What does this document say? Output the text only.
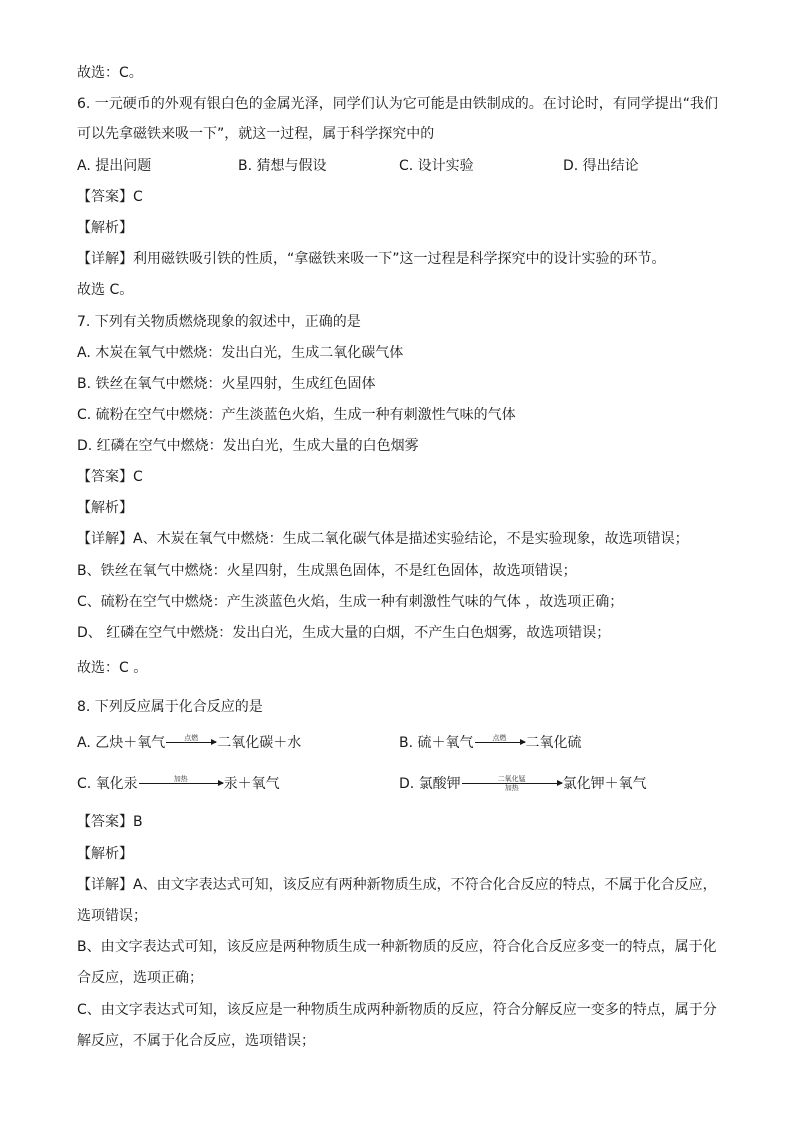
故选：C。
6. 一元硬币的外观有银白色的金属光泽，同学们认为它可能是由铁制成的。在讨论时，有同学提出“我们
可以先拿磁铁来吸一下”，就这一过程，属于科学探究中的
A. 提出问题	B. 猜想与假设	C. 设计实验	D. 得出结论
【答案】C
【解析】
【详解】利用磁铁吸引铁的性质，“拿磁铁来吸一下”这一过程是科学探究中的设计实验的环节。
故选 C。
7. 下列有关物质燃烧现象的叙述中，正确的是
A. 木炭在氧气中燃烧：发出白光，生成二氧化碳气体
B. 铁丝在氧气中燃烧：火星四射，生成红色固体
C. 硫粉在空气中燃烧：产生淡蓝色火焰，生成一种有刺激性气味的气体
D. 红磷在空气中燃烧：发出白光，生成大量的白色烟雾
【答案】C
【解析】
【详解】A、木炭在氧气中燃烧：生成二氧化碳气体是描述实验结论，不是实验现象，故选项错误；
B、铁丝在氧气中燃烧：火星四射，生成黑色固体，不是红色固体，故选项错误；
C、硫粉在空气中燃烧：产生淡蓝色火焰，生成一种有刺激性气味的气体 ，故选项正确；
D、 红磷在空气中燃烧：发出白光，生成大量的白烟，不产生白色烟雾，故选项错误；
故选：C 。
8. 下列反应属于化合反应的是
A.
乙炔＋氧气	点燃 二氧化碳＋水	B.
硫＋氧气	点燃 二氧化硫
C.
氧化汞	加热	汞＋氧气	D.
氯酸钾	二氧化锰
加热	氯化钾＋氧气
【答案】B
【解析】
【详解】A、由文字表达式可知，该反应有两种新物质生成，不符合化合反应的特点，不属于化合反应，
选项错误；
B、由文字表达式可知，该反应是两种物质生成一种新物质的反应，符合化合反应多变一的特点，属于化
合反应，选项正确；
C、由文字表达式可知，该反应是一种物质生成两种新物质的反应，符合分解反应一变多的特点，属于分
解反应，不属于化合反应，选项错误；
